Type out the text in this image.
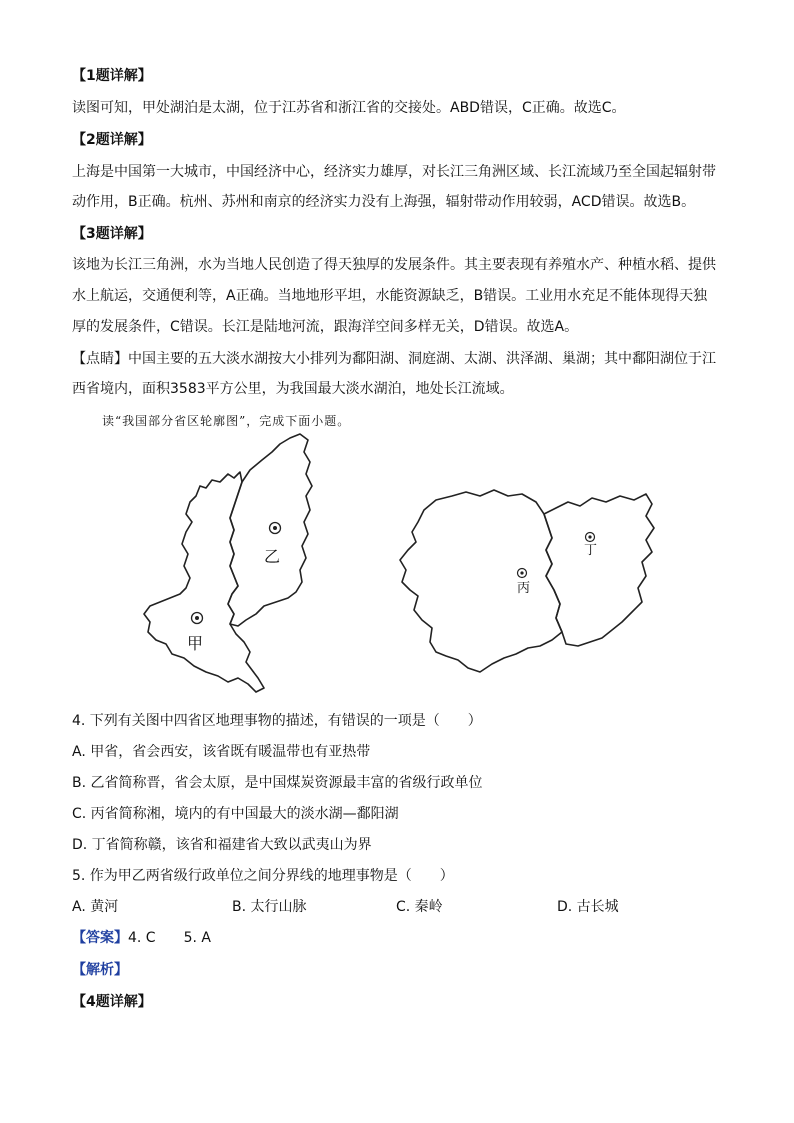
【1题详解】
读图可知，甲处湖泊是太湖，位于江苏省和浙江省的交接处。ABD错误，C正确。故选C。
【2题详解】
上海是中国第一大城市，中国经济中心，经济实力雄厚，对长江三角洲区域、长江流域乃至全国起辐射带
动作用，B正确。杭州、苏州和南京的经济实力没有上海强，辐射带动作用较弱，ACD错误。故选B。
【3题详解】
该地为长江三角洲，水为当地人民创造了得天独厚的发展条件。其主要表现有养殖水产、种植水稻、提供
水上航运，交通便利等，A正确。当地地形平坦，水能资源缺乏，B错误。工业用水充足不能体现得天独
厚的发展条件，C错误。长江是陆地河流，跟海洋空间多样无关，D错误。故选A。
【点睛】中国主要的五大淡水湖按大小排列为鄱阳湖、洞庭湖、太湖、洪泽湖、巢湖；其中鄱阳湖位于江
西省境内，面积3583平方公里，为我国最大淡水湖泊，地处长江流域。
读“我国部分省区轮廓图”，完成下面小题。
乙
甲
丁
丙
4. 下列有关图中四省区地理事物的描述，有错误的一项是（　　）
A. 甲省，省会西安，该省既有暖温带也有亚热带
B. 乙省简称晋，省会太原，是中国煤炭资源最丰富的省级行政单位
C. 丙省简称湘，境内的有中国最大的淡水湖—鄱阳湖
D. 丁省简称赣，该省和福建省大致以武夷山为界
5. 作为甲乙两省级行政单位之间分界线的地理事物是（　　）
A. 黄河	B. 太行山脉	C. 秦岭	D. 古长城
【答案】4. C　　5. A
【解析】
【4题详解】
